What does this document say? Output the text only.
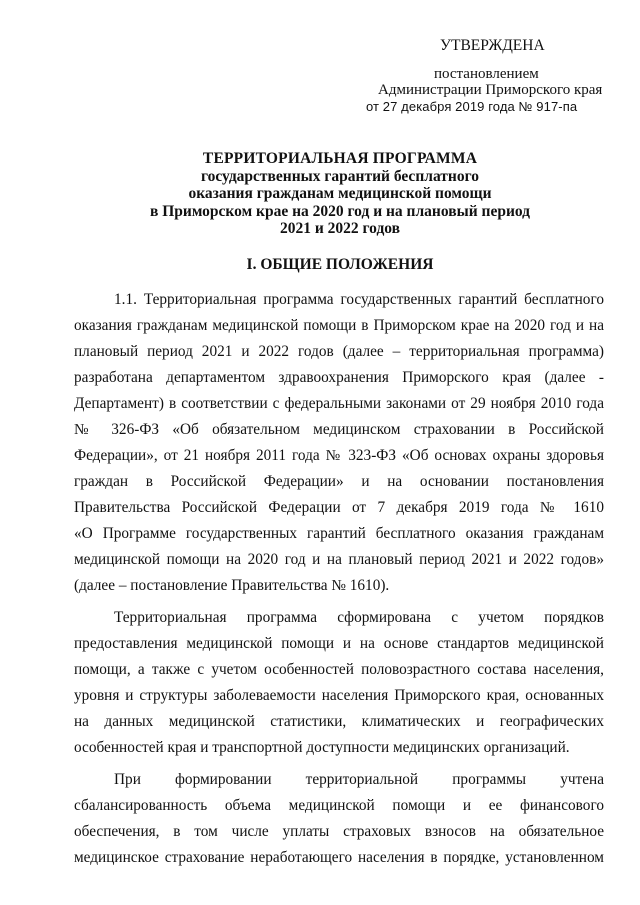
УТВЕРЖДЕНА
постановлением
Администрации Приморского края
от 27 декабря 2019 года № 917-па
ТЕРРИТОРИАЛЬНАЯ ПРОГРАММА
государственных гарантий бесплатного
оказания гражданам медицинской помощи
в Приморском крае на 2020 год и на плановый период
2021 и 2022 годов
I. ОБЩИЕ ПОЛОЖЕНИЯ
1.1. Территориальная программа государственных гарантий бесплатного
оказания гражданам медицинской помощи в Приморском крае на 2020 год и на
плановый период 2021 и 2022 годов (далее – территориальная программа)
разработана департаментом здравоохранения Приморского края (далее -
Департамент) в соответствии с федеральными законами от 29 ноября 2010 года
№ 326-ФЗ «Об обязательном медицинском страховании в Российской
Федерации», от 21 ноября 2011 года № 323-ФЗ «Об основах охраны здоровья
граждан в Российской Федерации» и на основании постановления
Правительства Российской Федерации от 7 декабря 2019 года № 1610
«О Программе государственных гарантий бесплатного оказания гражданам
медицинской помощи на 2020 год и на плановый период 2021 и 2022 годов»
(далее – постановление Правительства № 1610).
Территориальная программа сформирована с учетом порядков
предоставления медицинской помощи и на основе стандартов медицинской
помощи, а также с учетом особенностей половозрастного состава населения,
уровня и структуры заболеваемости населения Приморского края, основанных
на данных медицинской статистики, климатических и географических
особенностей края и транспортной доступности медицинских организаций.
При формировании территориальной программы учтена
сбалансированность объема медицинской помощи и ее финансового
обеспечения, в том числе уплаты страховых взносов на обязательное
медицинское страхование неработающего населения в порядке, установленном
